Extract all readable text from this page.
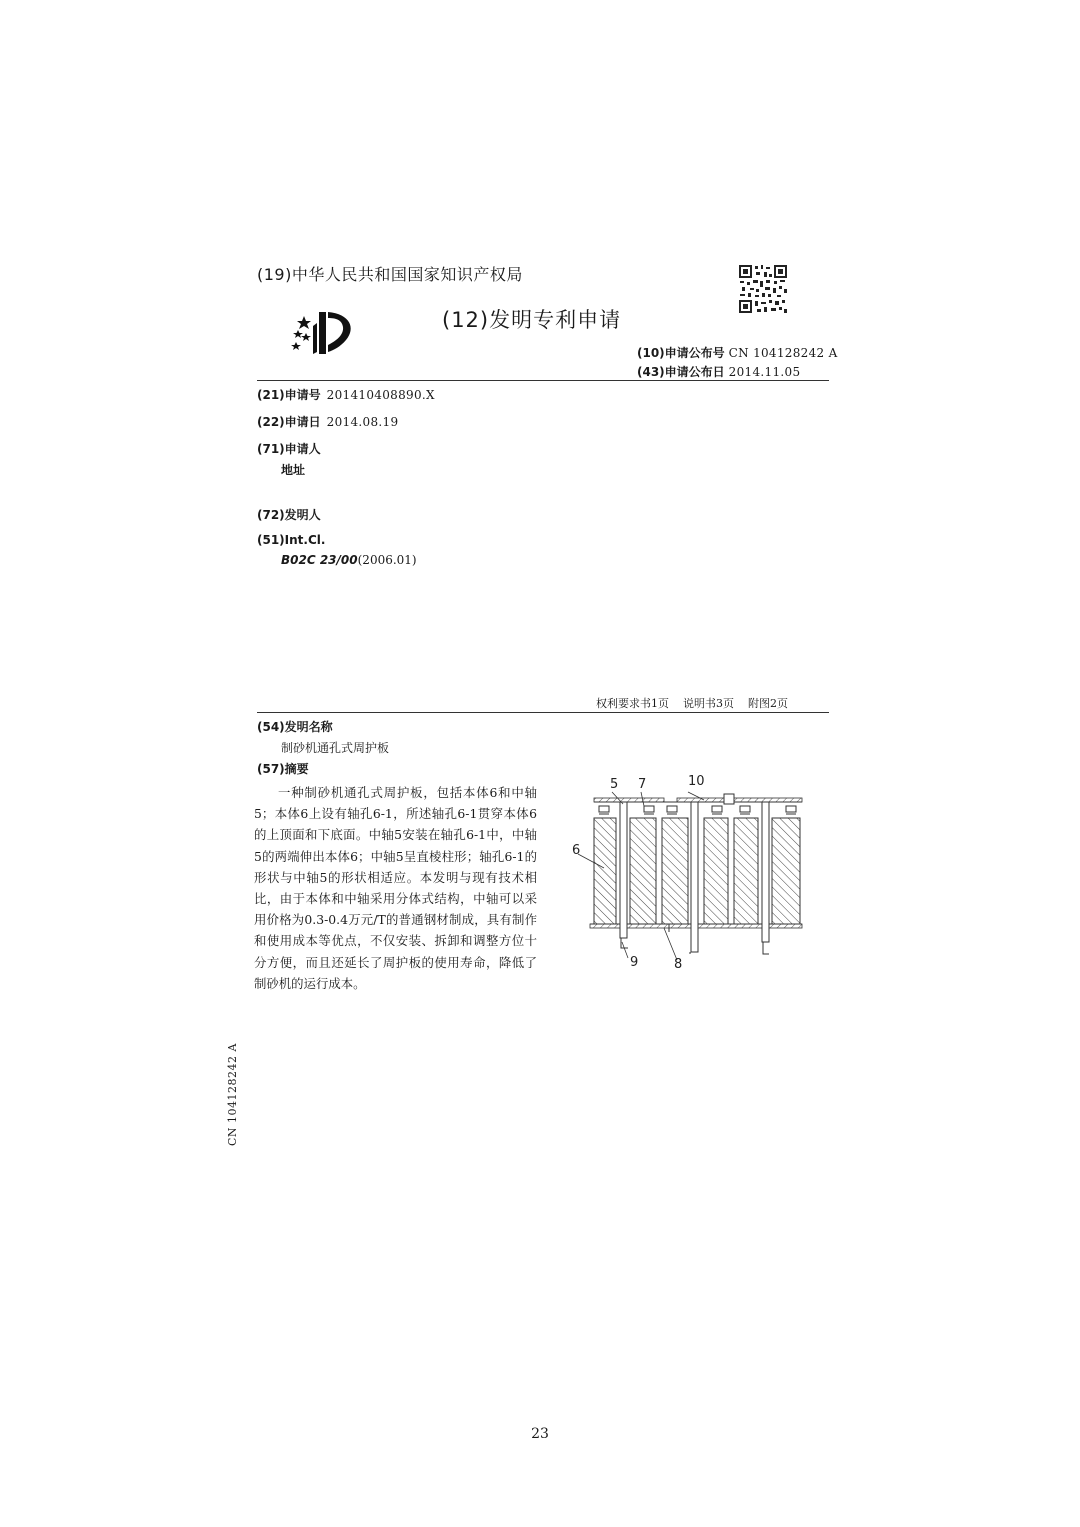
(19)中华人民共和国国家知识产权局
(12)发明专利申请
(10)申请公布号 CN 104128242 A
(43)申请公布日 2014.11.05
(21)申请号 201410408890.X
(22)申请日 2014.08.19
(71)申请人
地址
(72)发明人
(51)Int.Cl.
B02C 23/00(2006.01)
权利要求书1页 说明书3页 附图2页
(54)发明名称
制砂机通孔式周护板
(57)摘要
一种制砂机通孔式周护板，包括本体6和中轴5；本体6上设有轴孔6-1，所述轴孔6-1贯穿本体6的上顶面和下底面。中轴5安装在轴孔6-1中，中轴5的两端伸出本体6；中轴5呈直棱柱形；轴孔6-1的形状与中轴5的形状相适应。本发明与现有技术相比，由于本体和中轴采用分体式结构，中轴可以采用价格为0.3-0.4万元/T的普通钢材制成，具有制作和使用成本等优点，不仅安装、拆卸和调整方位十分方便，而且还延长了周护板的使用寿命，降低了制砂机的运行成本。
5 7	10
6
9	8
CN 104128242 A
23
